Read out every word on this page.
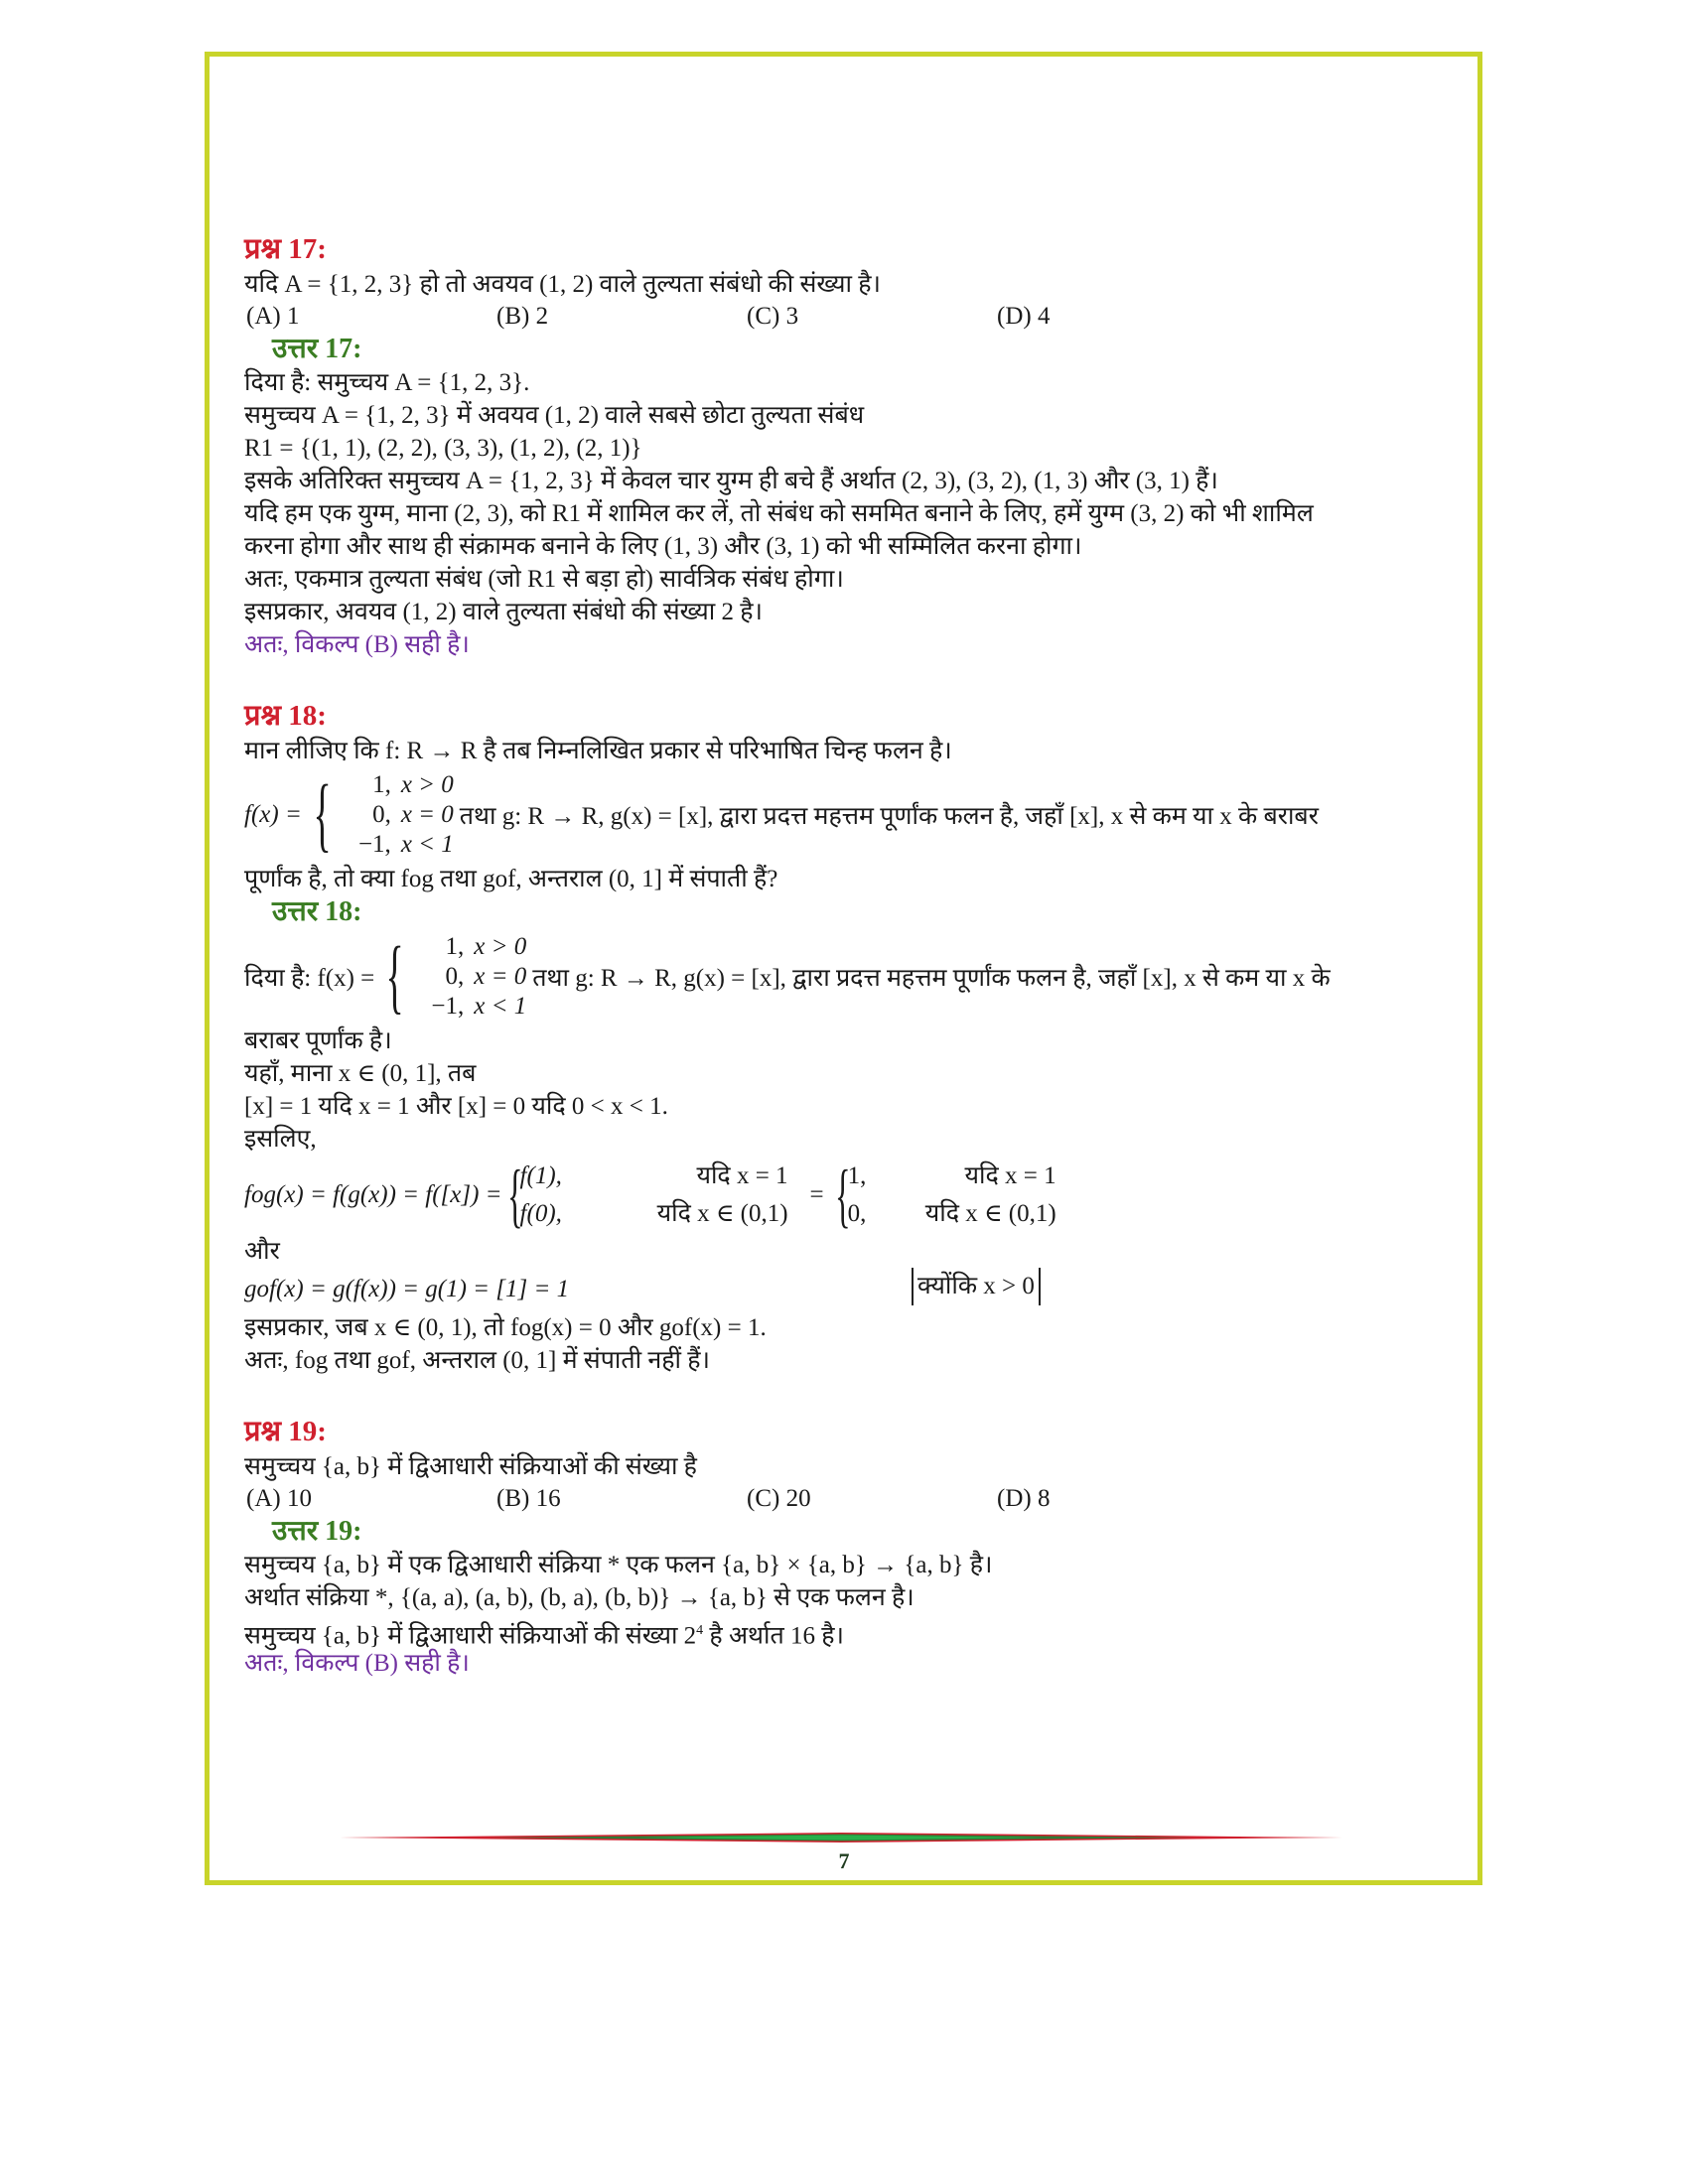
प्रश्न 17:
यदि A = {1, 2, 3} हो तो अवयव (1, 2) वाले तुल्यता संबंधो की संख्या है।
(A) 1	(B) 2	(C) 3	(D) 4
उत्तर 17:
दिया है: समुच्चय A = {1, 2, 3}.
समुच्चय A = {1, 2, 3} में अवयव (1, 2) वाले सबसे छोटा तुल्यता संबंध
R1 = {(1, 1), (2, 2), (3, 3), (1, 2), (2, 1)}
इसके अतिरिक्त समुच्चय A = {1, 2, 3} में केवल चार युग्म ही बचे हैं अर्थात (2, 3), (3, 2), (1, 3) और (3, 1) हैं।
यदि हम एक युग्म, माना (2, 3), को R1 में शामिल कर लें, तो संबंध को सममित बनाने के लिए, हमें युग्म (3, 2) को भी शामिल
करना होगा और साथ ही संक्रामक बनाने के लिए (1, 3) और (3, 1) को भी सम्मिलित करना होगा।
अतः, एकमात्र तुल्यता संबंध (जो R1 से बड़ा हो) सार्वत्रिक संबंध होगा।
इसप्रकार, अवयव (1, 2) वाले तुल्यता संबंधो की संख्या 2 है।
अतः, विकल्प (B) सही है।
प्रश्न 18:
मान लीजिए कि f: R → R है तब निम्नलिखित प्रकार से परिभाषित चिन्ह फलन है।
f(x) = {	1, x > 0
0, x = 0
−1, x < 1
तथा g: R → R, g(x) = [x], द्वारा प्रदत्त महत्तम पूर्णांक फलन है, जहाँ [x], x से कम या x के बराबर
पूर्णांक है, तो क्या fog तथा gof, अन्तराल (0, 1] में संपाती हैं?
उत्तर 18:
दिया है: f(x) = {	1, x > 0
0, x = 0
−1, x < 1
तथा g: R → R, g(x) = [x], द्वारा प्रदत्त महत्तम पूर्णांक फलन है, जहाँ [x], x से कम या x के
बराबर पूर्णांक है।
यहाँ, माना x ∈ (0, 1], तब
[x] = 1 यदि x = 1 और [x] = 0 यदि 0 < x < 1.
इसलिए,
fog(x) = f(g(x)) = f([x]) = {
f(1),	यदि x = 1
f(0),	यदि x ∈ (0,1)
= {
1,	यदि x = 1
0,	यदि x ∈ (0,1)
और
gof(x) = g(f(x)) = g(1) = [1] = 1	क्योंकि x > 0
इसप्रकार, जब x ∈ (0, 1), तो fog(x) = 0 और gof(x) = 1.
अतः, fog तथा gof, अन्तराल (0, 1] में संपाती नहीं हैं।
प्रश्न 19:
समुच्चय {a, b} में द्विआधारी संक्रियाओं की संख्या है
(A) 10	(B) 16	(C) 20	(D) 8
उत्तर 19:
समुच्चय {a, b} में एक द्विआधारी संक्रिया * एक फलन {a, b} × {a, b} → {a, b} है।
अर्थात संक्रिया *, {(a, a), (a, b), (b, a), (b, b)} → {a, b} से एक फलन है।
समुच्चय {a, b} में द्विआधारी संक्रियाओं की संख्या $2^4$ है अर्थात 16 है।
अतः, विकल्प (B) सही है।
7
